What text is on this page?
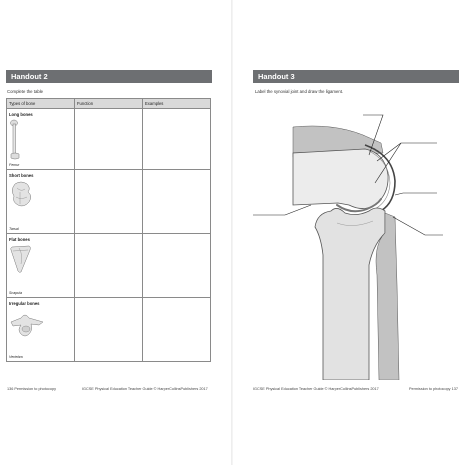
Handout 2
Complete the table
Types of bone	Function	Examples

Long bones
Femur		

Short bones
Tarsal		

Flat bones
Scapula		

Irregular bones
Vertebra		

136 Permission to photocopy	IGCSE Physical Education Teacher Guide © HarperCollinsPublishers 2017
Handout 3
Label the synovial joint and draw the ligament.
IGCSE Physical Education Teacher Guide © HarperCollinsPublishers 2017	Permission to photocopy 137
